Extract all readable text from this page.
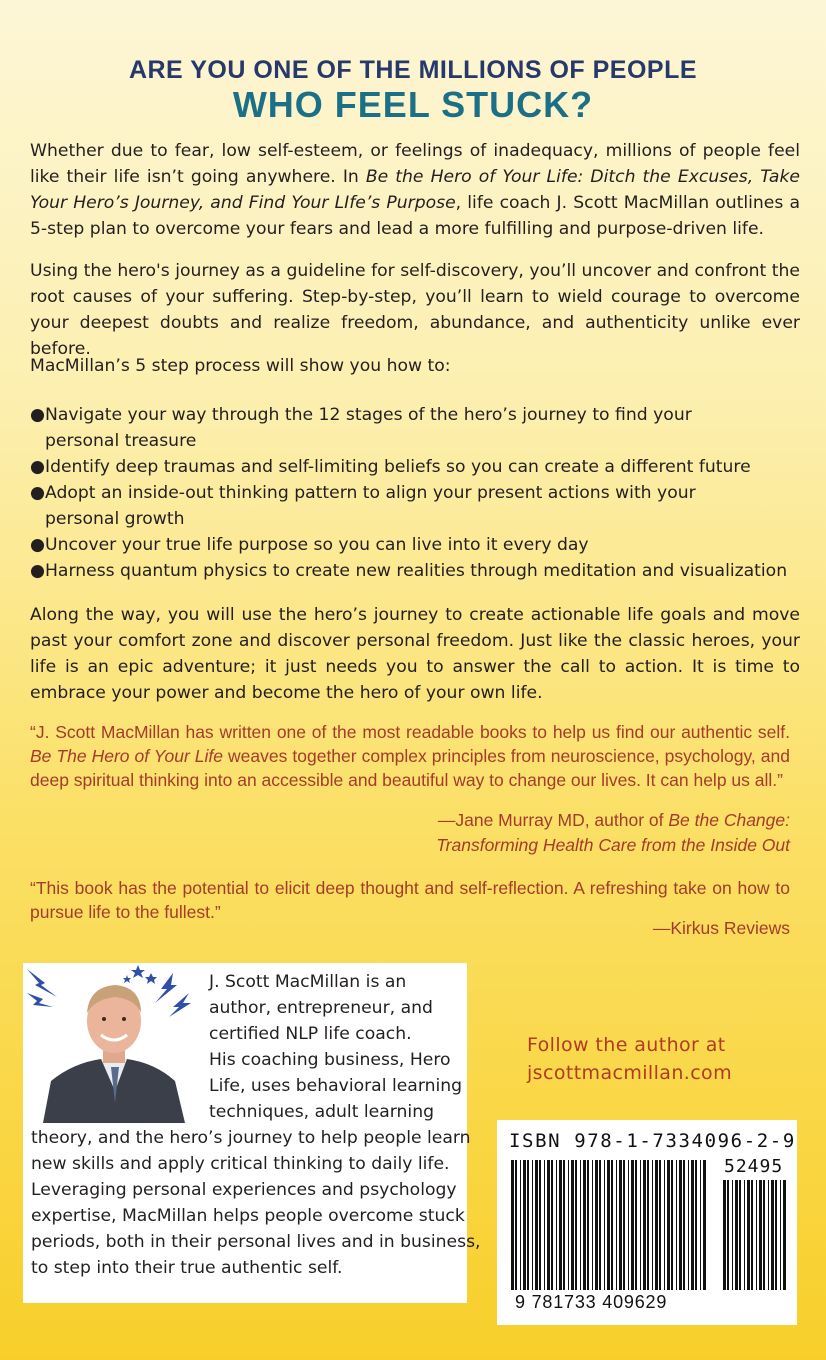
ARE YOU ONE OF THE MILLIONS OF PEOPLE
WHO FEEL STUCK?

Whether due to fear, low self-esteem, or feelings of inadequacy, millions of people feel like their life isn’t going anywhere. In Be the Hero of Your Life: Ditch the Excuses, Take Your Hero’s Journey, and Find Your LIfe’s Purpose, life coach J. Scott MacMillan outlines a 5-step plan to overcome your fears and lead a more fulfilling and purpose-driven life.

Using the hero's journey as a guideline for self-discovery, you’ll uncover and confront the root causes of your suffering. Step-by-step, you’ll learn to wield courage to overcome your deepest doubts and realize freedom, abundance, and authenticity unlike ever before.

MacMillan’s 5 step process will show you how to:

● Navigate your way through the 12 stages of the hero’s journey to find your
personal treasure
● Identify deep traumas and self-limiting beliefs so you can create a different future
● Adopt an inside-out thinking pattern to align your present actions with your
personal growth
● Uncover your true life purpose so you can live into it every day
● Harness quantum physics to create new realities through meditation and visualization

Along the way, you will use the hero’s journey to create actionable life goals and move past your comfort zone and discover personal freedom. Just like the classic heroes, your life is an epic adventure; it just needs you to answer the call to action. It is time to embrace your power and become the hero of your own life.

“J. Scott MacMillan has written one of the most readable books to help us find our authentic self. Be The Hero of Your Life weaves together complex principles from neuroscience, psychology, and deep spiritual thinking into an accessible and beautiful way to change our lives. It can help us all.”

—Jane Murray MD, author of Be the Change:
Transforming Health Care from the Inside Out

“This book has the potential to elicit deep thought and self-reflection. A refreshing take on how to pursue life to the fullest.”

—Kirkus Reviews
J. Scott MacMillan is an
author, entrepreneur, and
certified NLP life coach.
His coaching business, Hero
Life, uses behavioral learning
techniques, adult learning
theory, and the hero’s journey to help people learn
new skills and apply critical thinking to daily life.
Leveraging personal experiences and psychology
expertise, MacMillan helps people overcome stuck
periods, both in their personal lives and in business,
to step into their true authentic self.
Follow the author at
jscottmacmillan.com
ISBN 978-1-7334096-2-9
52495
9 781733 409629
